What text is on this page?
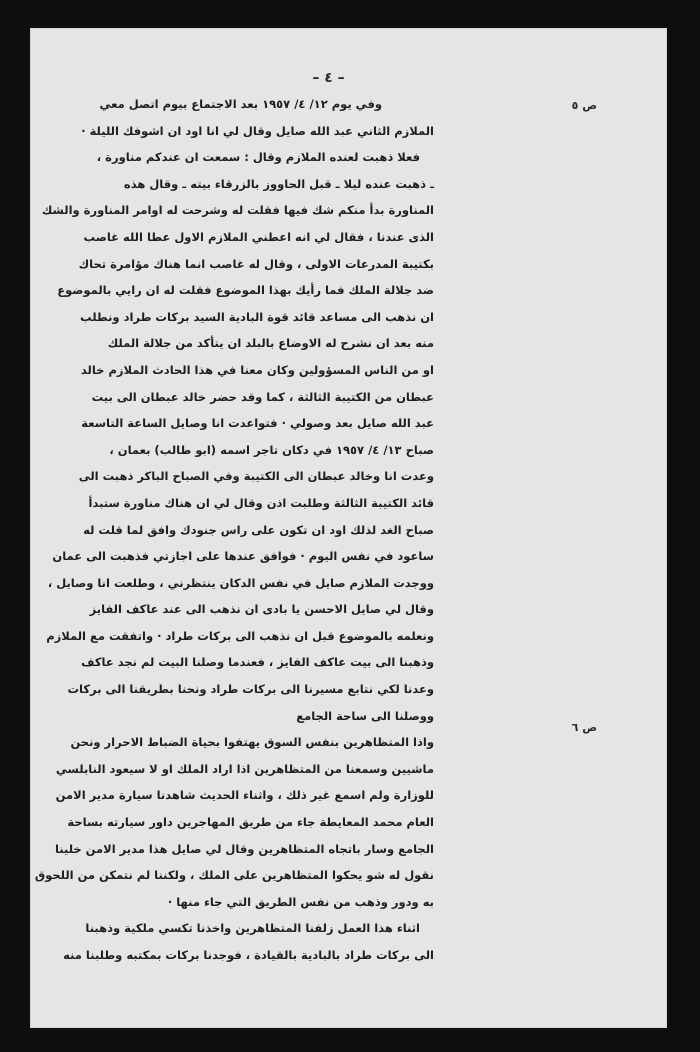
– ٤ –
ص ٥
ص ٦
وفي يوم ١٢/ ٤/ ١٩٥٧ بعد الاجتماع بيوم اتصل معي
الملازم الثاني عبد الله صايل وقال لي انا اود ان اشوفك الليلة ·
فعلا ذهبت لعنده الملازم وقال : سمعت ان عندكم مناورة ،
ـ ذهبت عنده ليلا ـ قبل الحاووز بالزرقاء بيته ـ وقال هذه
المناورة بدأ منكم شك فيها فقلت له وشرحت له اوامر المناورة والشك
الذى عندنا ، فقال لي انه اعطني الملازم الاول عطا الله غاصب
بكتيبة المدرعات الاولى ، وقال له غاصب انما هناك مؤامرة تحاك
ضد جلالة الملك فما رأيك بهذا الموضوع فقلت له ان رايي بالموضوع
ان نذهب الى مساعد قائد قوة البادية السيد بركات طراد ونطلب
منه بعد ان نشرح له الاوضاع بالبلد ان يتأكد من جلالة الملك
او من الناس المسؤولين وكان معنا في هذا الحادث الملازم خالد
عبطان من الكتيبة الثالثة ، كما وقد حضر خالد عبطان الى بيت
عبد الله صايل بعد وصولي · فتواعدت انا وصايل الساعة التاسعة
صباح ١٣/ ٤/ ١٩٥٧ في دكان تاجر اسمه (ابو طالب) بعمان ،
وعدت انا وخالد عبطان الى الكتيبة وفي الصباح الباكر ذهبت الى
قائد الكتيبة الثالثة وطلبت اذن وقال لي ان هناك مناورة ستبدأ
صباح الغد لذلك اود ان تكون على راس جنودك وافق لما قلت له
ساعود في نفس اليوم · فوافق عندها على اجازتي فذهبت الى عمان
ووجدت الملازم صايل في نفس الدكان ينتظرني ، وطلعت انا وصايل ،
وقال لي صايل الاحسن يا بادى ان نذهب الى عند عاكف الفايز
ونعلمه بالموضوع قبل ان نذهب الى بركات طراد · واتفقت مع الملازم
وذهبنا الى بيت عاكف الفايز ، فعندما وصلنا البيت لم نجد عاكف
وعدنا لكي نتابع مسيرنا الى بركات طراد ونحنا بطريقنا الى بركات
ووصلنا الى ساحة الجامع
واذا المتظاهرين بنفس السوق يهتفوا بحياة الضباط الاحرار ونحن
ماشيين وسمعنا من المتظاهرين اذا اراد الملك او لا سيعود النابلسي
للوزارة ولم اسمع غير ذلك ، واثناء الحديث شاهدنا سيارة مدير الامن
العام محمد المعايطة جاء من طريق المهاجرين داور سيارته بساحة
الجامع وسار باتجاه المتظاهرين وقال لي صايل هذا مدير الامن خلينا
نقول له شو يحكوا المتظاهرين على الملك ، ولكننا لم نتمكن من اللحوق
به ودور وذهب من نفس الطريق التي جاء منها ·
اثناء هذا العمل زلفنا المتظاهرين واخذنا تكسي ملكية وذهبنا
الى بركات طراد بالبادية بالقيادة ، فوجدنا بركات بمكتبه وطلبنا منه
